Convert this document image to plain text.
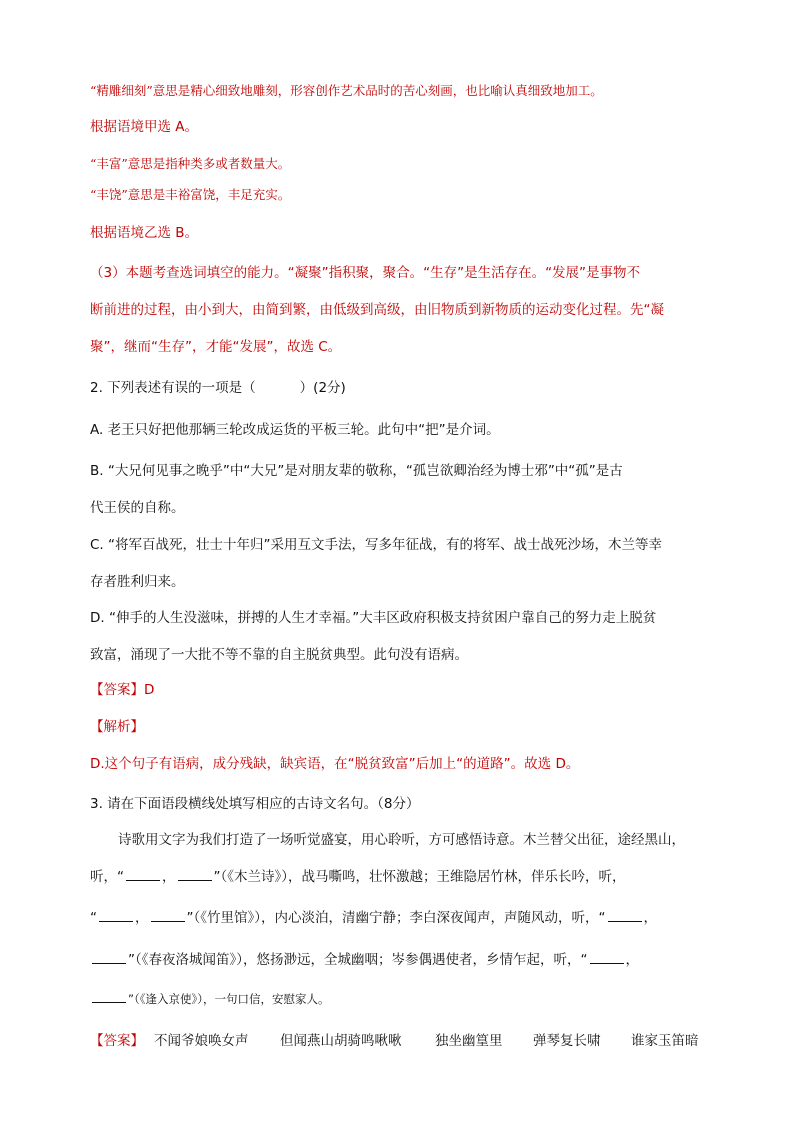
“精雕细刻”意思是精心细致地雕刻，形容创作艺术品时的苦心刻画，也比喻认真细致地加工。
根据语境甲选 A。
“丰富”意思是指种类多或者数量大。
“丰饶”意思是丰裕富饶，丰足充实。
根据语境乙选 B。
（3）本题考查选词填空的能力。“凝聚”指积聚，聚合。“生存”是生活存在。“发展”是事物不
断前进的过程，由小到大，由简到繁，由低级到高级，由旧物质到新物质的运动变化过程。先“凝
聚”，继而“生存”，才能“发展”，故选 C。
2. 下列表述有误的一项是（	）(2分)
A. 老王只好把他那辆三轮改成运货的平板三轮。此句中“把”是介词。
B. “大兄何见事之晚乎”中“大兄”是对朋友辈的敬称，“孤岂欲卿治经为博士邪”中“孤”是古
代王侯的自称。
C. “将军百战死，壮士十年归”采用互文手法，写多年征战，有的将军、战士战死沙场，木兰等幸
存者胜利归来。
D. “伸手的人生没滋味，拼搏的人生才幸福。”大丰区政府积极支持贫困户靠自己的努力走上脱贫
致富，涌现了一大批不等不靠的自主脱贫典型。此句没有语病。
【答案】D
【解析】
D.这个句子有语病，成分残缺，缺宾语，在“脱贫致富”后加上“的道路”。故选 D。
3. 请在下面语段横线处填写相应的古诗文名句。（8分）
诗歌用文字为我们打造了一场听觉盛宴，用心聆听，方可感悟诗意。木兰替父出征，途经黑山，
听，“	，	”（《木兰诗》），战马嘶鸣，壮怀激越；王维隐居竹林，伴乐长吟，听，
“	，	”（《竹里馆》），内心淡泊，清幽宁静；李白深夜闻声，声随风动，听，“	，
”（《春夜洛城闻笛》），悠扬渺远，全城幽咽；岑参偶遇使者，乡情乍起，听，“	，
”（《逢入京使》），一句口信，安慰家人。
【答案】 不闻爷娘唤女声 但闻燕山胡骑鸣啾啾 独坐幽篁里 弹琴复长啸 谁家玉笛暗
